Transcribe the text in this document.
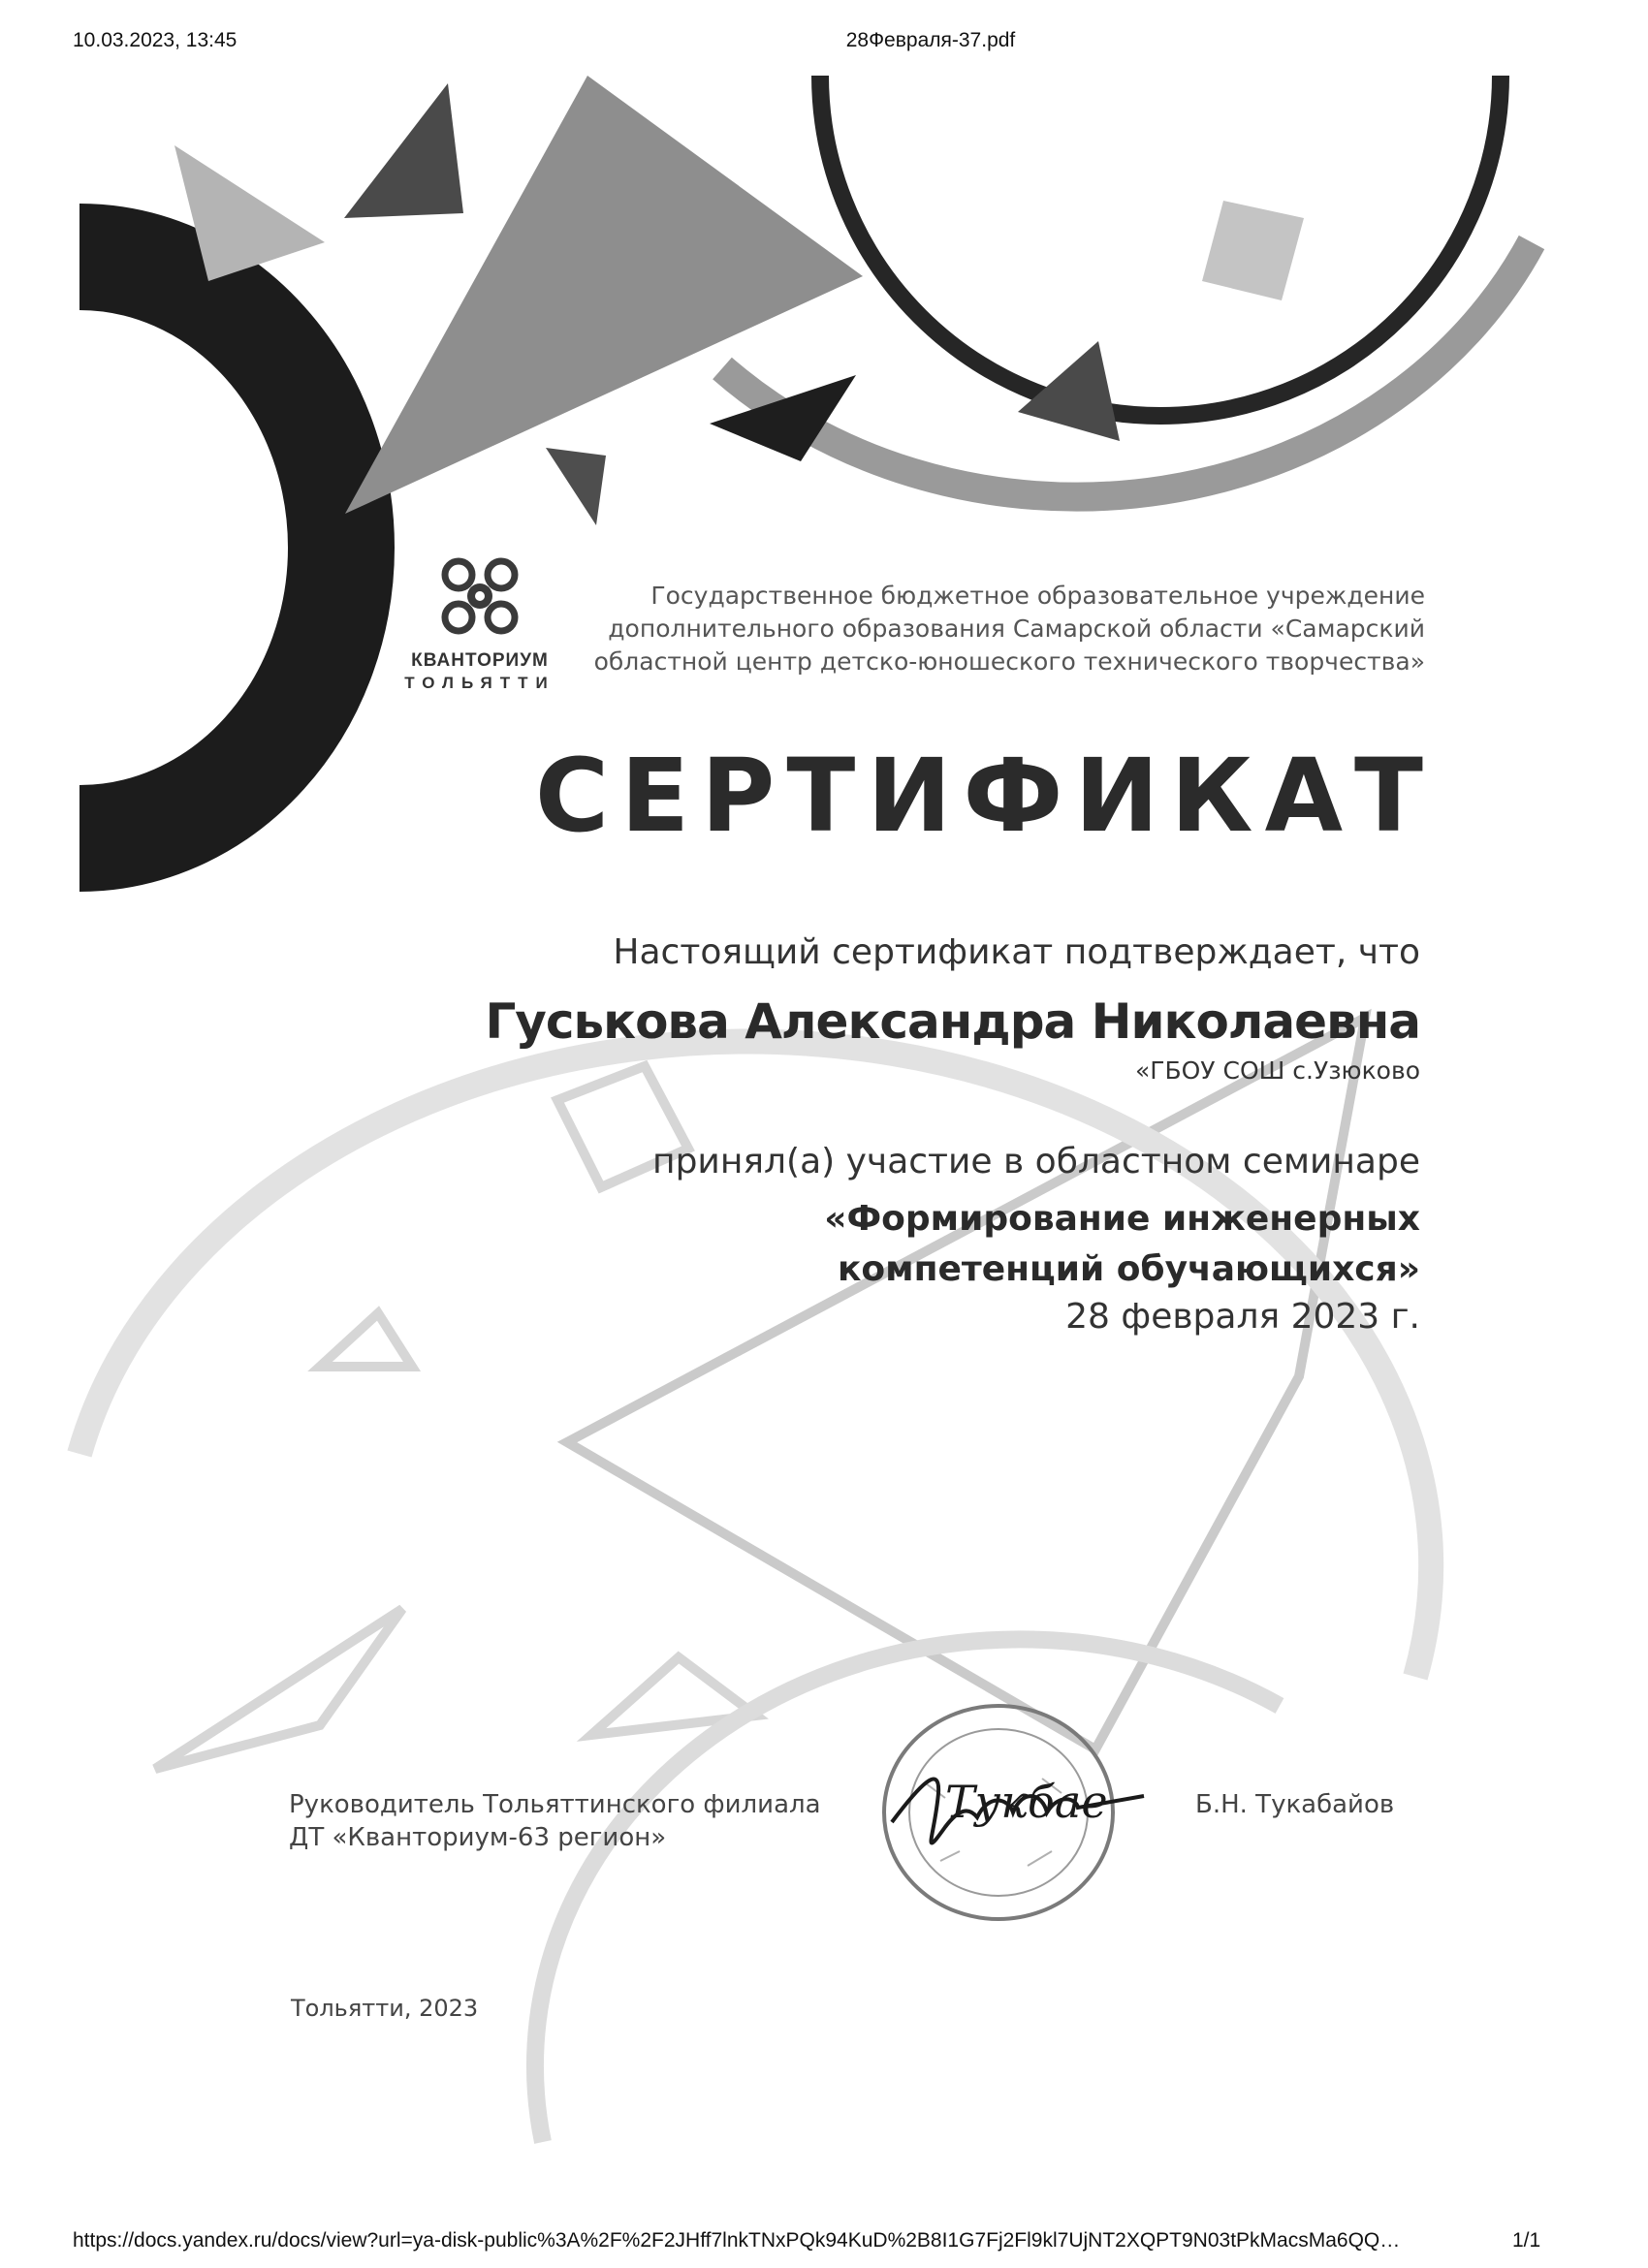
10.03.2023, 13:45	28Февраля-37.pdf
КВАНТОРИУМ
ТОЛЬЯТТИ
Государственное бюджетное образовательное учреждение
дополнительного образования Самарской области «Самарский
областной центр детско-юношеского технического творчества»
СЕРТИФИКАТ
Настоящий сертификат подтверждает, что
Гуськова Александра Николаевна
«ГБОУ СОШ с.Узюково
принял(а) участие в областном семинаре
«Формирование инженерных
компетенций обучающихся»
28 февраля 2023 г.
Руководитель Тольяттинского филиала
ДТ «Кванториум-63 регион»
Тукбае	Б.Н. Тукабайов
Тольятти, 2023
https://docs.yandex.ru/docs/view?url=ya-disk-public%3A%2F%2F2JHff7lnkTNxPQk94KuD%2B8I1G7Fj2Fl9kl7UjNT2XQPT9N03tPkMacsMa6QQ…	1/1
